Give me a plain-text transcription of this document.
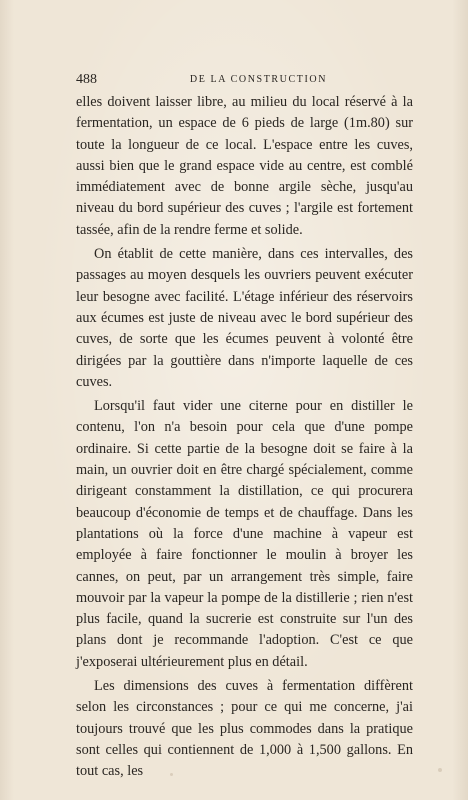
488	DE LA CONSTRUCTION

elles doivent laisser libre, au milieu du local réservé à la fermentation, un espace de 6 pieds de large (1m.80) sur toute la longueur de ce local. L'espace entre les cuves, aussi bien que le grand espace vide au centre, est comblé immédiatement avec de bonne argile sèche, jusqu'au niveau du bord supérieur des cuves ; l'argile est fortement tassée, afin de la rendre ferme et solide.

On établit de cette manière, dans ces intervalles, des passages au moyen desquels les ouvriers peuvent exécuter leur besogne avec facilité. L'étage inférieur des réservoirs aux écumes est juste de niveau avec le bord supérieur des cuves, de sorte que les écumes peuvent à volonté être dirigées par la gouttière dans n'importe laquelle de ces cuves.

Lorsqu'il faut vider une citerne pour en distiller le contenu, l'on n'a besoin pour cela que d'une pompe ordinaire. Si cette partie de la besogne doit se faire à la main, un ouvrier doit en être chargé spécialement, comme dirigeant constamment la distillation, ce qui procurera beaucoup d'économie de temps et de chauffage. Dans les plantations où la force d'une machine à vapeur est employée à faire fonctionner le moulin à broyer les cannes, on peut, par un arrangement très simple, faire mouvoir par la vapeur la pompe de la distillerie ; rien n'est plus facile, quand la sucrerie est construite sur l'un des plans dont je recommande l'adoption. C'est ce que j'exposerai ultérieurement plus en détail.

Les dimensions des cuves à fermentation diffèrent selon les circonstances ; pour ce qui me concerne, j'ai toujours trouvé que les plus commodes dans la pratique sont celles qui contiennent de 1,000 à 1,500 gallons. En tout cas, les
